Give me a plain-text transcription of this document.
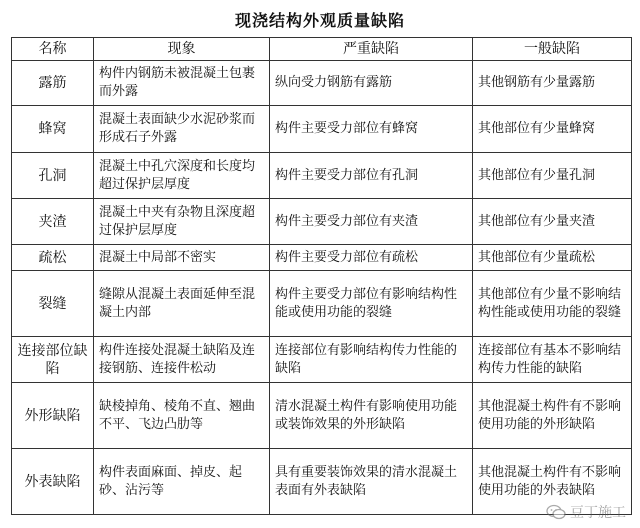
现浇结构外观质量缺陷
名称	现象	严重缺陷	一般缺陷
露筋	构件内钢筋未被混凝土包裹而外露	纵向受力钢筋有露筋	其他钢筋有少量露筋
蜂窝	混凝土表面缺少水泥砂浆而形成石子外露	构件主要受力部位有蜂窝	其他部位有少量蜂窝
孔洞	混凝土中孔穴深度和长度均超过保护层厚度	构件主要受力部位有孔洞	其他部位有少量孔洞
夹渣	混凝土中夹有杂物且深度超过保护层厚度	构件主要受力部位有夹渣	其他部位有少量夹渣
疏松	混凝土中局部不密实	构件主要受力部位有疏松	其他部位有少量疏松
裂缝	缝隙从混凝土表面延伸至混凝土内部	构件主要受力部位有影响结构性能或使用功能的裂缝	其他部位有少量不影响结构性能或使用功能的裂缝
连接部位缺陷	构件连接处混凝土缺陷及连接钢筋、连接件松动	连接部位有影响结构传力性能的缺陷	连接部位有基本不影响结构传力性能的缺陷
外形缺陷	缺棱掉角、棱角不直、翘曲不平、飞边凸肋等	清水混凝土构件有影响使用功能或装饰效果的外形缺陷	其他混凝土构件有不影响使用功能的外形缺陷
外表缺陷	构件表面麻面、掉皮、起砂、沾污等	具有重要装饰效果的清水混凝土表面有外表缺陷	其他混凝土构件有不影响使用功能的外表缺陷
豆丁施工
